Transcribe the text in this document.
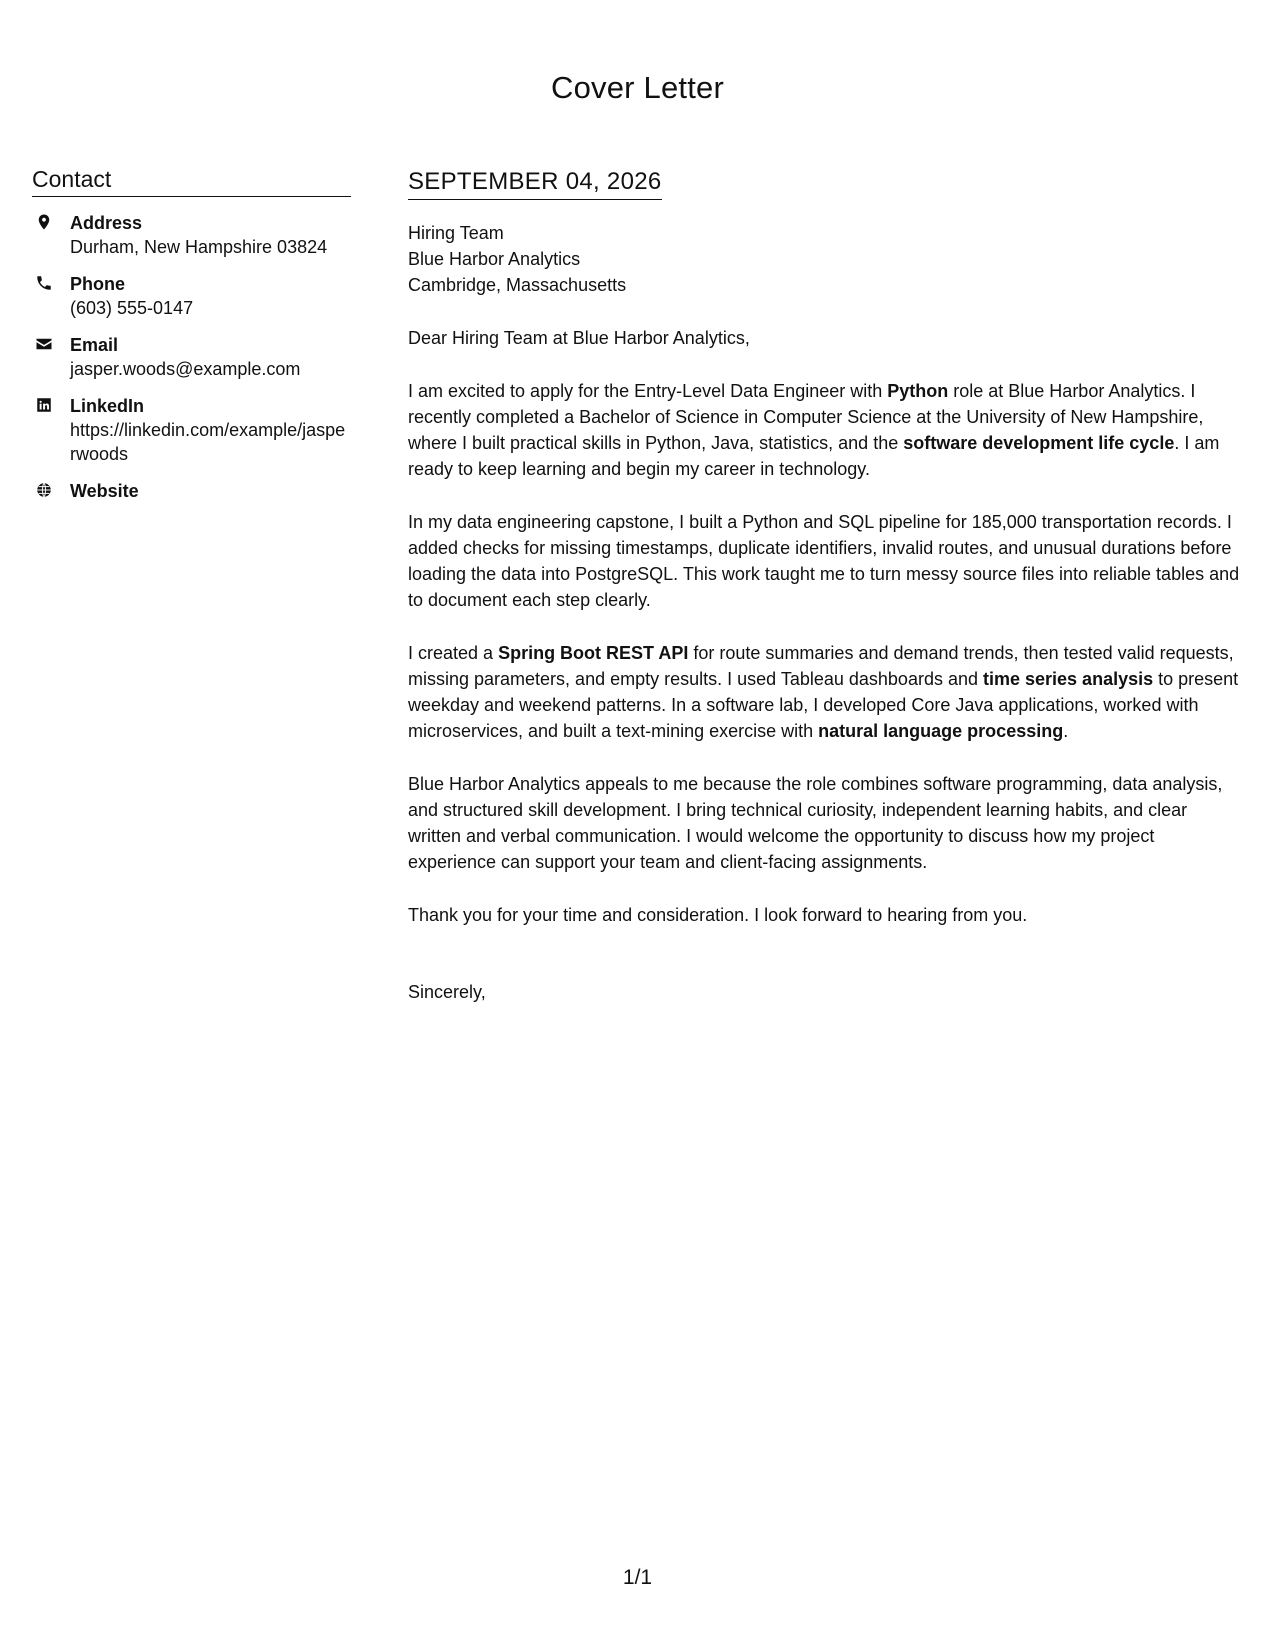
Cover Letter
Contact
Address
Durham, New Hampshire 03824
Phone
(603) 555-0147
Email
jasper.woods@example.com
LinkedIn
https://linkedin.com/example/jasperwoods
Website
SEPTEMBER 04, 2026
Hiring Team
Blue Harbor Analytics
Cambridge, Massachusetts
Dear Hiring Team at Blue Harbor Analytics,

I am excited to apply for the Entry-Level Data Engineer with Python role at Blue Harbor Analytics. I recently completed a Bachelor of Science in Computer Science at the University of New Hampshire, where I built practical skills in Python, Java, statistics, and the software development life cycle. I am ready to keep learning and begin my career in technology.

In my data engineering capstone, I built a Python and SQL pipeline for 185,000 transportation records. I added checks for missing timestamps, duplicate identifiers, invalid routes, and unusual durations before loading the data into PostgreSQL. This work taught me to turn messy source files into reliable tables and to document each step clearly.

I created a Spring Boot REST API for route summaries and demand trends, then tested valid requests, missing parameters, and empty results. I used Tableau dashboards and time series analysis to present weekday and weekend patterns. In a software lab, I developed Core Java applications, worked with microservices, and built a text-mining exercise with natural language processing.

Blue Harbor Analytics appeals to me because the role combines software programming, data analysis, and structured skill development. I bring technical curiosity, independent learning habits, and clear written and verbal communication. I would welcome the opportunity to discuss how my project experience can support your team and client-facing assignments.

Thank you for your time and consideration. I look forward to hearing from you.

Sincerely,
1/1
